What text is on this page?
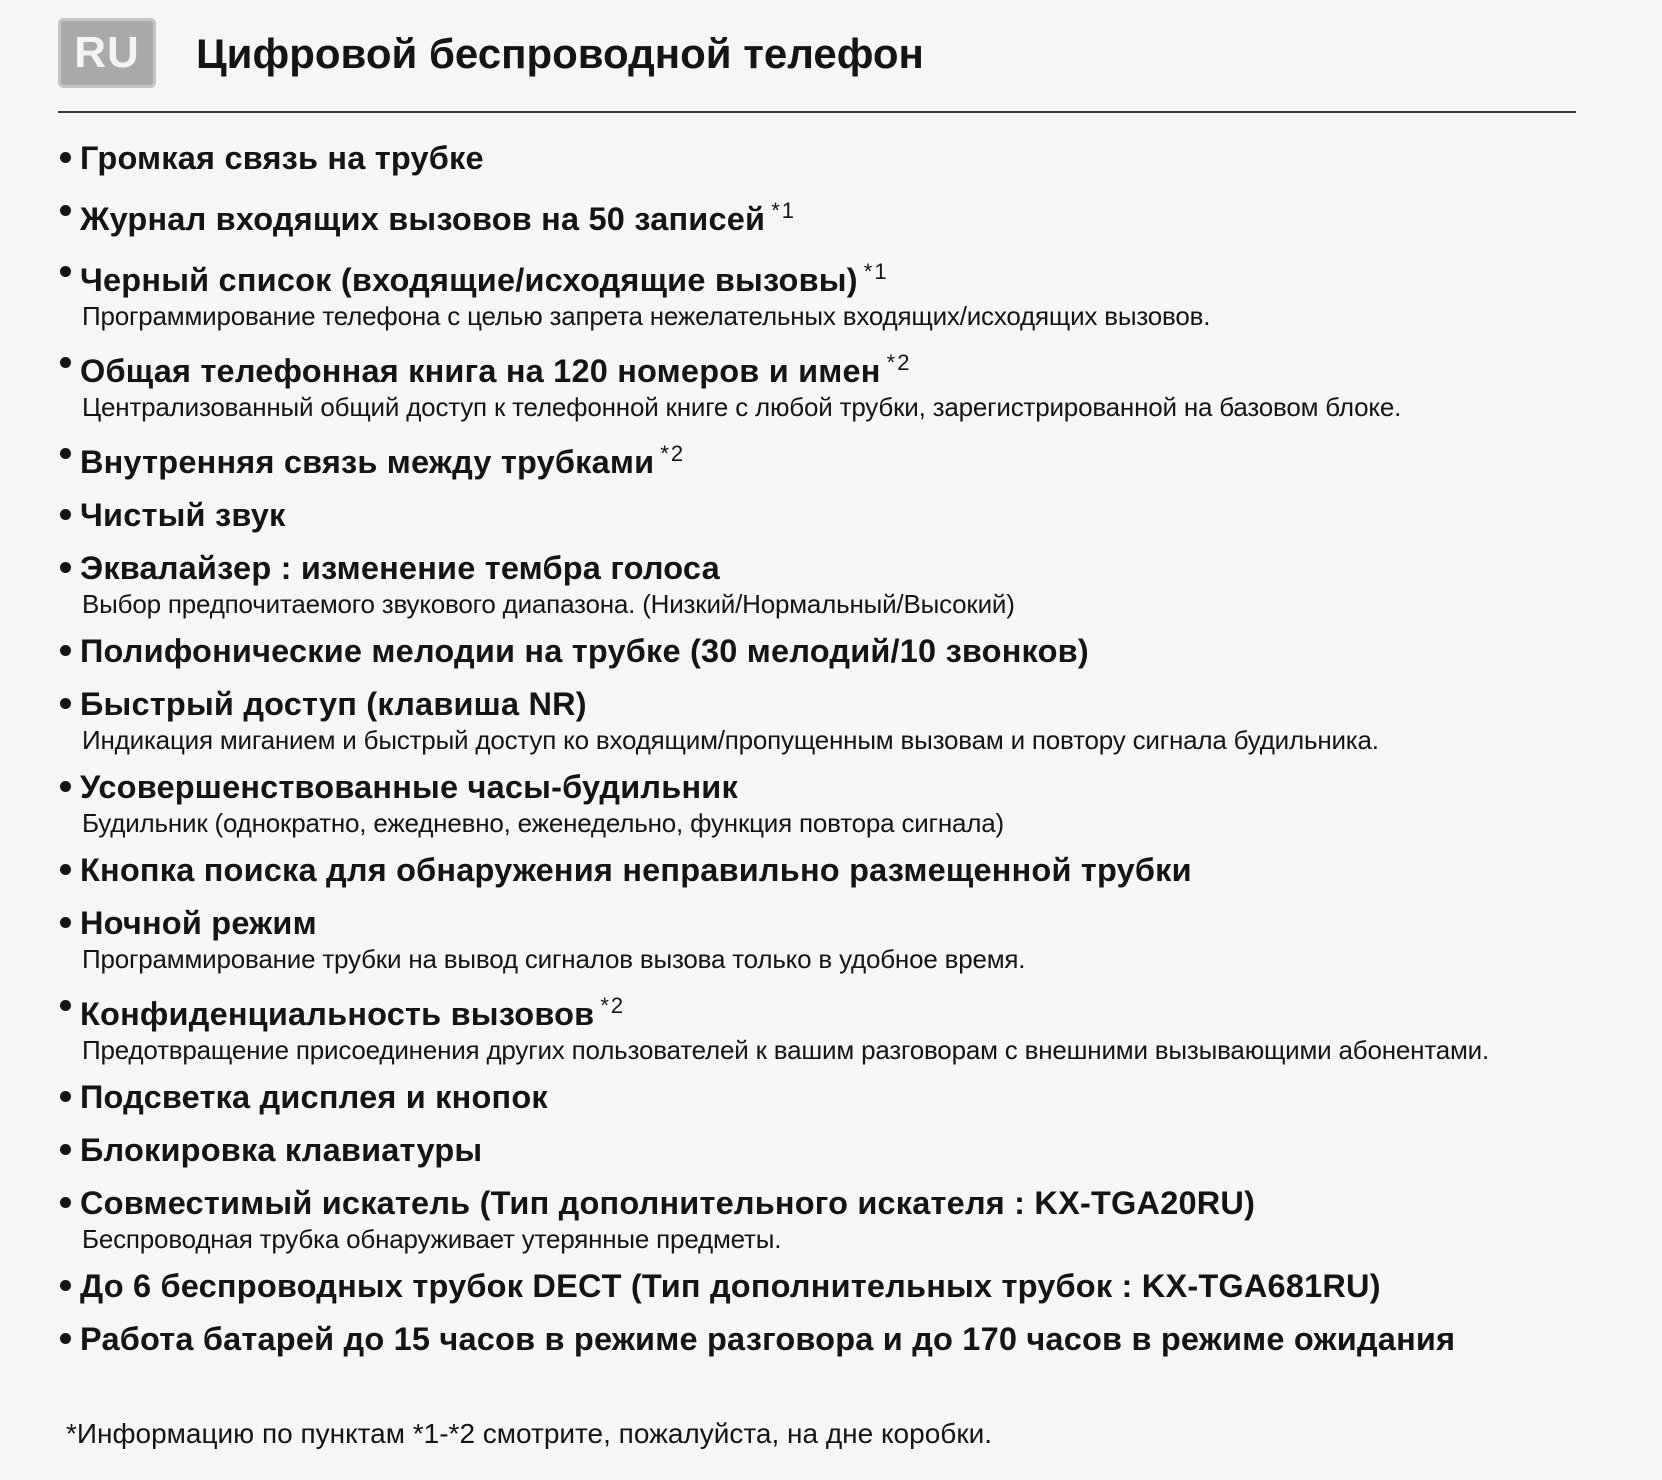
RU	Цифровой беспроводной телефон
Громкая связь на трубке
Журнал входящих вызовов на 50 записей $^{*1}$
Черный список (входящие/исходящие вызовы) $^{*1}$
Программирование телефона с целью запрета нежелательных входящих/исходящих вызовов.
Общая телефонная книга на 120 номеров и имен $^{*2}$
Централизованный общий доступ к телефонной книге с любой трубки, зарегистрированной на базовом блоке.
Внутренняя связь между трубками $^{*2}$
Чистый звук
Эквалайзер : изменение тембра голоса
Выбор предпочитаемого звукового диапазона. (Низкий/Нормальный/Высокий)
Полифонические мелодии на трубке (30 мелодий/10 звонков)
Быстрый доступ (клавиша NR)
Индикация миганием и быстрый доступ ко входящим/пропущенным вызовам и повтору сигнала будильника.
Усовершенствованные часы-будильник
Будильник (однократно, ежедневно, еженедельно, функция повтора сигнала)
Кнопка поиска для обнаружения неправильно размещенной трубки
Ночной режим
Программирование трубки на вывод сигналов вызова только в удобное время.
Конфиденциальность вызовов $^{*2}$
Предотвращение присоединения других пользователей к вашим разговорам с внешними вызывающими абонентами.
Подсветка дисплея и кнопок
Блокировка клавиатуры
Совместимый искатель (Тип дополнительного искателя : KX-TGA20RU)
Беспроводная трубка обнаруживает утерянные предметы.
До 6 беспроводных трубок DECT (Тип дополнительных трубок : KX-TGA681RU)
Работа батарей до 15 часов в режиме разговора и до 170 часов в режиме ожидания
*Информацию по пунктам *1-*2 смотрите, пожалуйста, на дне коробки.
